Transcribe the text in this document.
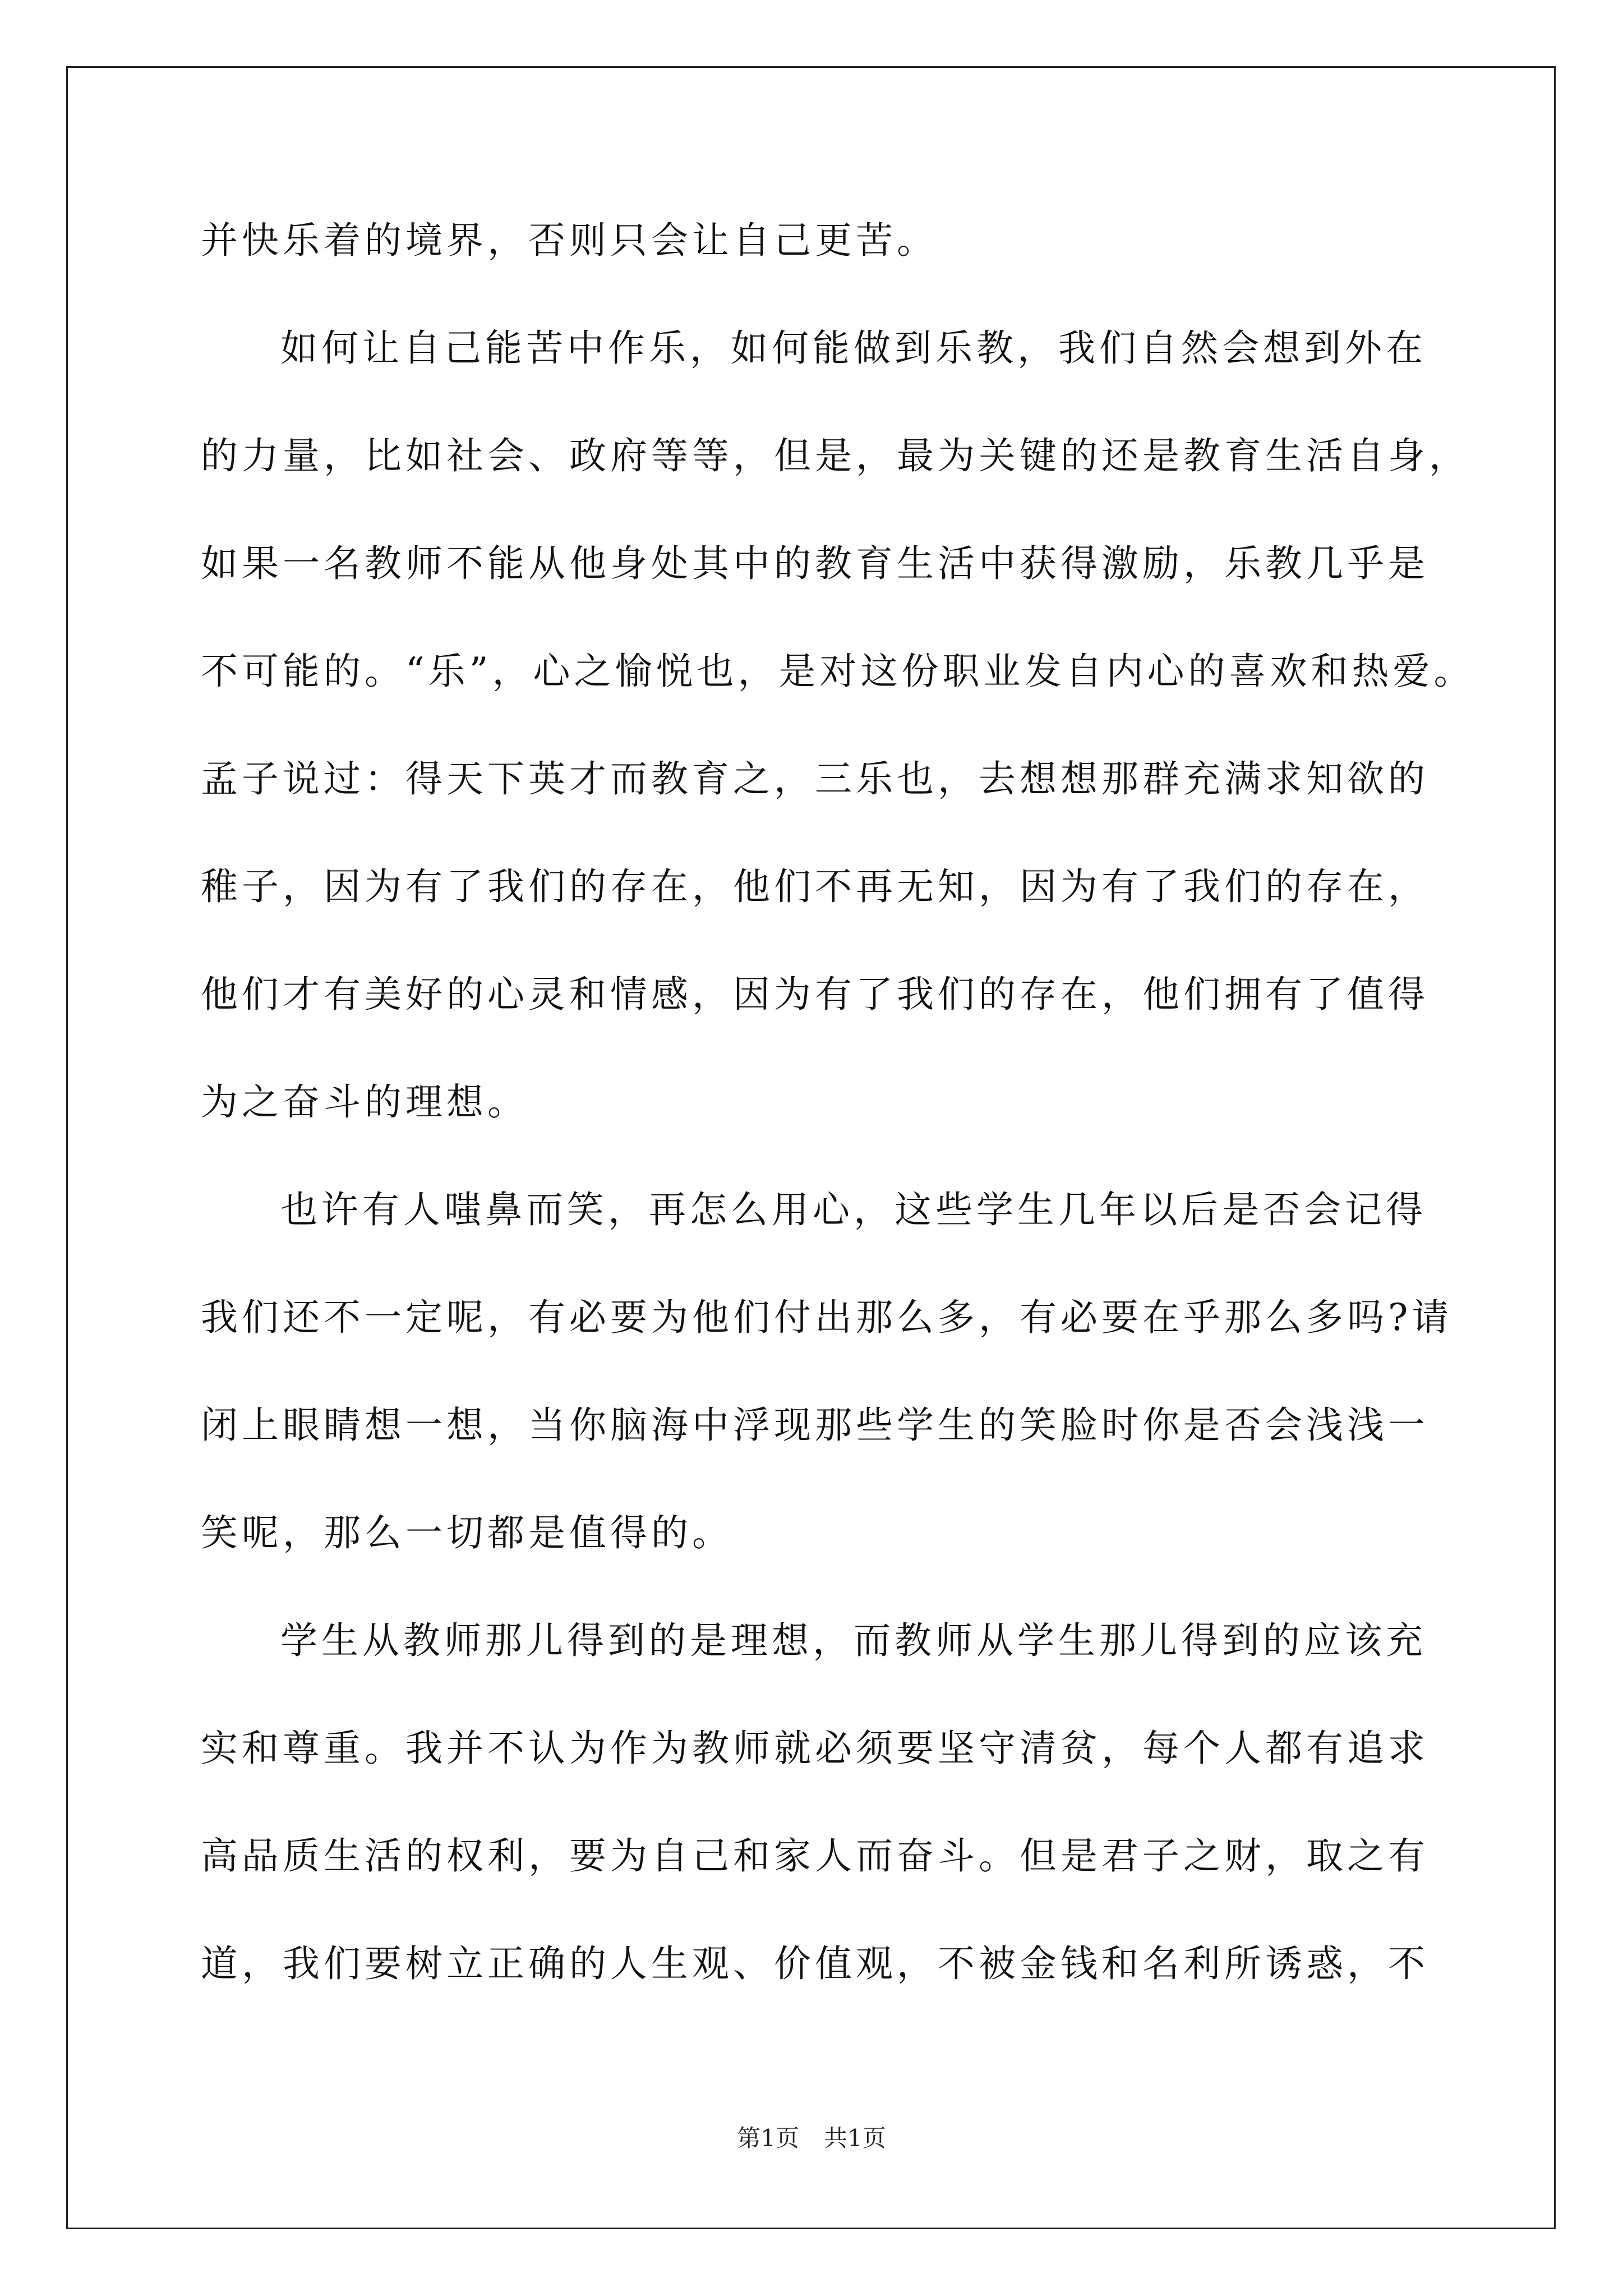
并快乐着的境界，否则只会让自己更苦。
如何让自己能苦中作乐，如何能做到乐教，我们自然会想到外在
的力量，比如社会、政府等等，但是，最为关键的还是教育生活自身，
如果一名教师不能从他身处其中的教育生活中获得激励，乐教几乎是
不可能的。“乐”，心之愉悦也，是对这份职业发自内心的喜欢和热爱。
孟子说过：得天下英才而教育之，三乐也，去想想那群充满求知欲的
稚子，因为有了我们的存在，他们不再无知，因为有了我们的存在，
他们才有美好的心灵和情感，因为有了我们的存在，他们拥有了值得
为之奋斗的理想。
也许有人嗤鼻而笑，再怎么用心，这些学生几年以后是否会记得
我们还不一定呢，有必要为他们付出那么多，有必要在乎那么多吗?请
闭上眼睛想一想，当你脑海中浮现那些学生的笑脸时你是否会浅浅一
笑呢，那么一切都是值得的。
学生从教师那儿得到的是理想，而教师从学生那儿得到的应该充
实和尊重。我并不认为作为教师就必须要坚守清贫，每个人都有追求
高品质生活的权利，要为自己和家人而奋斗。但是君子之财，取之有
道，我们要树立正确的人生观、价值观，不被金钱和名利所诱惑，不
第1页 共1页
